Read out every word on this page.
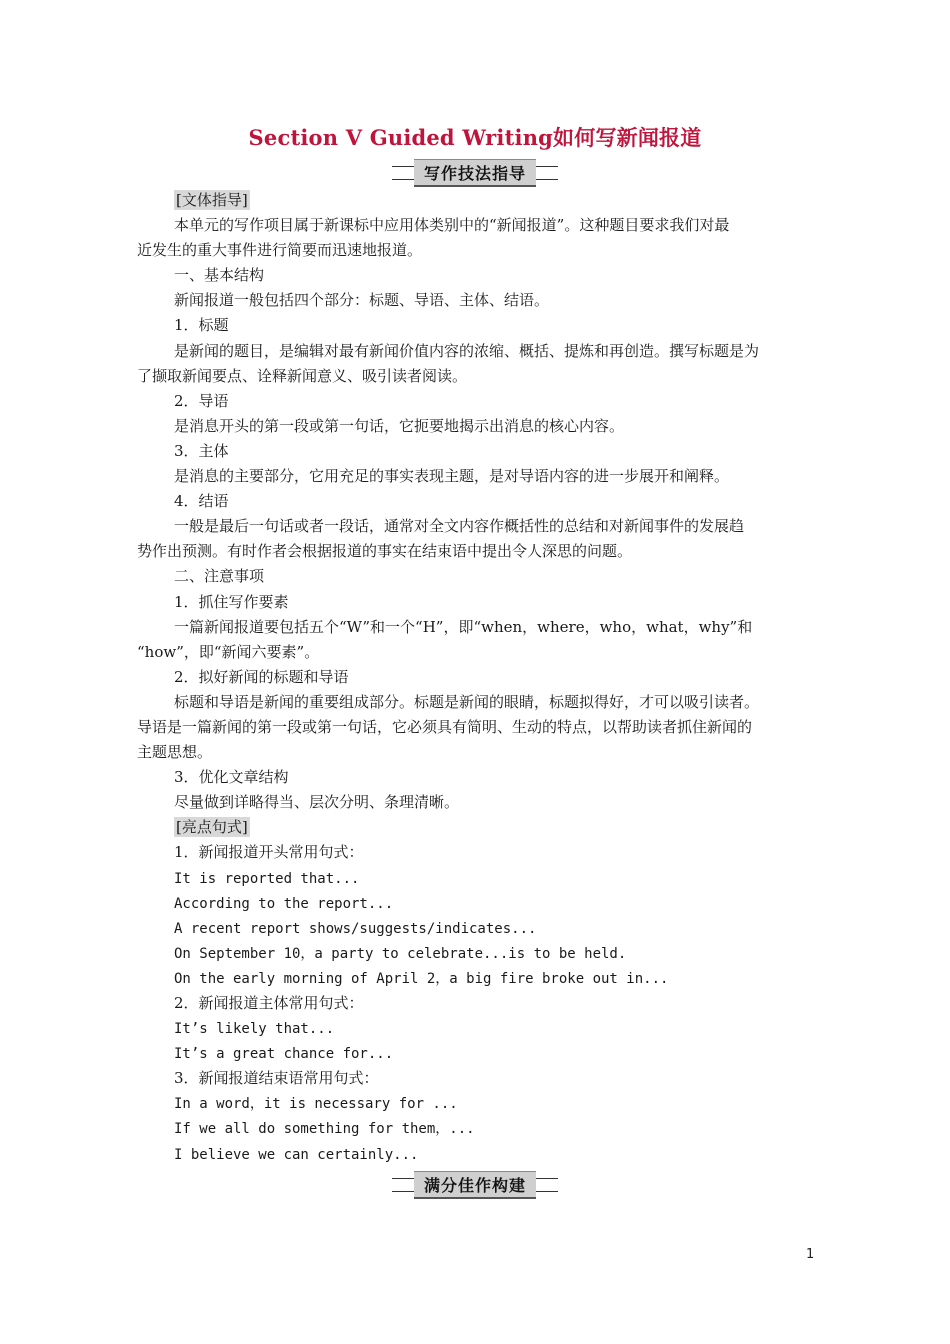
Section Ⅴ Guided Writing如何写新闻报道
写作技法指导
[文体指导]
本单元的写作项目属于新课标中应用体类别中的“新闻报道”。这种题目要求我们对最
近发生的重大事件进行简要而迅速地报道。
一、基本结构
新闻报道一般包括四个部分：标题、导语、主体、结语。
1．标题
是新闻的题目，是编辑对最有新闻价值内容的浓缩、概括、提炼和再创造。撰写标题是为
了撷取新闻要点、诠释新闻意义、吸引读者阅读。
2．导语
是消息开头的第一段或第一句话，它扼要地揭示出消息的核心内容。
3．主体
是消息的主要部分，它用充足的事实表现主题，是对导语内容的进一步展开和阐释。
4．结语
一般是最后一句话或者一段话，通常对全文内容作概括性的总结和对新闻事件的发展趋
势作出预测。有时作者会根据报道的事实在结束语中提出令人深思的问题。
二、注意事项
1．抓住写作要素
一篇新闻报道要包括五个“W”和一个“H”，即“when，where，who，what，why”和
“how”，即“新闻六要素”。
2．拟好新闻的标题和导语
标题和导语是新闻的重要组成部分。标题是新闻的眼睛，标题拟得好，才可以吸引读者。
导语是一篇新闻的第一段或第一句话，它必须具有简明、生动的特点，以帮助读者抓住新闻的
主题思想。
3．优化文章结构
尽量做到详略得当、层次分明、条理清晰。
[亮点句式]
1．新闻报道开头常用句式：
It is reported that...
According to the report...
A recent report shows/suggests/indicates...
On September 10，a party to celebrate...is to be held.
On the early morning of April 2，a big fire broke out in...
2．新闻报道主体常用句式：
It’s likely that...
It’s a great chance for...
3．新闻报道结束语常用句式：
In a word，it is necessary for ...
If we all do something for them，...
I believe we can certainly...
满分佳作构建
1
